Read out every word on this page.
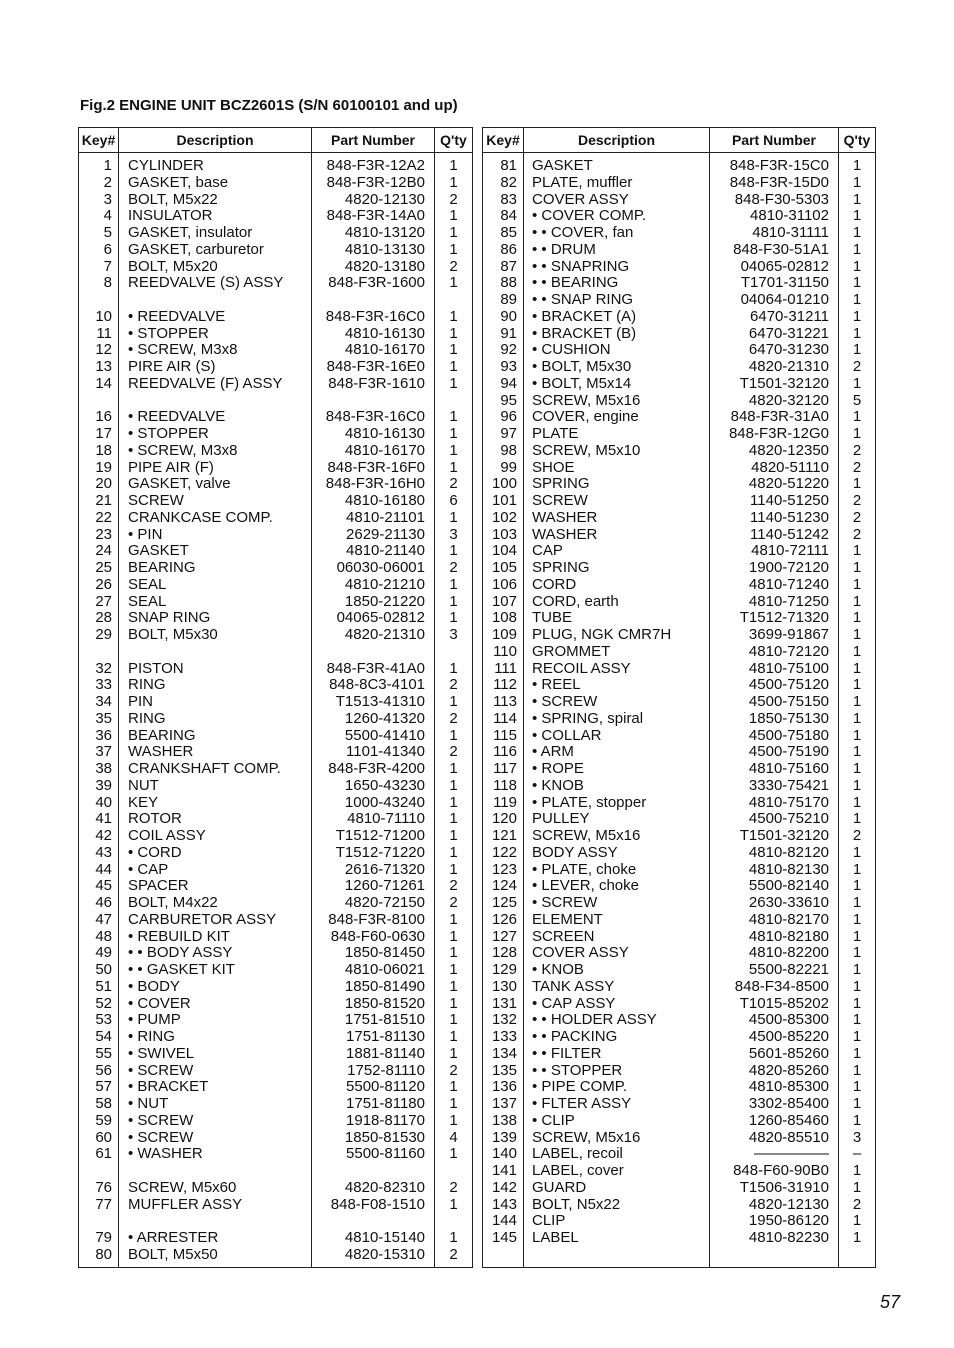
Fig.2 ENGINE UNIT BCZ2601S (S/N 60100101 and up)
Key#	Description	Part Number	Q'ty
1 CYLINDER	848-F3R-12A2	1
2 GASKET, base	848-F3R-12B0	1
3 BOLT, M5x22	4820-12130	2
4 INSULATOR	848-F3R-14A0	1
5 GASKET, insulator	4810-13120	1
6 GASKET, carburetor	4810-13130	1
7 BOLT, M5x20	4820-13180	2
8 REEDVALVE (S) ASSY	848-F3R-1600	1
10 • REEDVALVE	848-F3R-16C0	1
11 • STOPPER	4810-16130	1
12 • SCREW, M3x8	4810-16170	1
13 PIRE AIR (S)	848-F3R-16E0	1
14 REEDVALVE (F) ASSY	848-F3R-1610	1
16 • REEDVALVE	848-F3R-16C0	1
17 • STOPPER	4810-16130	1
18 • SCREW, M3x8	4810-16170	1
19 PIPE AIR (F)	848-F3R-16F0	1
20 GASKET, valve	848-F3R-16H0	2
21 SCREW	4810-16180	6
22 CRANKCASE COMP.	4810-21101	1
23 • PIN	2629-21130	3
24 GASKET	4810-21140	1
25 BEARING	06030-06001	2
26 SEAL	4810-21210	1
27 SEAL	1850-21220	1
28 SNAP RING	04065-02812	1
29 BOLT, M5x30	4820-21310	3
32 PISTON	848-F3R-41A0	1
33 RING	848-8C3-4101	2
34 PIN	T1513-41310	1
35 RING	1260-41320	2
36 BEARING	5500-41410	1
37 WASHER	1101-41340	2
38 CRANKSHAFT COMP.	848-F3R-4200	1
39 NUT	1650-43230	1
40 KEY	1000-43240	1
41 ROTOR	4810-71110	1
42 COIL ASSY	T1512-71200	1
43 • CORD	T1512-71220	1
44 • CAP	2616-71320	1
45 SPACER	1260-71261	2
46 BOLT, M4x22	4820-72150	2
47 CARBURETOR ASSY	848-F3R-8100	1
48 • REBUILD KIT	848-F60-0630	1
49 • • BODY ASSY	1850-81450	1
50 • • GASKET KIT	4810-06021	1
51 • BODY	1850-81490	1
52 • COVER	1850-81520	1
53 • PUMP	1751-81510	1
54 • RING	1751-81130	1
55 • SWIVEL	1881-81140	1
56 • SCREW	1752-81110	2
57 • BRACKET	5500-81120	1
58 • NUT	1751-81180	1
59 • SCREW	1918-81170	1
60 • SCREW	1850-81530	4
61 • WASHER	5500-81160	1
76 SCREW, M5x60	4820-82310	2
77 MUFFLER ASSY	848-F08-1510	1
79 • ARRESTER	4810-15140	1
80 BOLT, M5x50	4820-15310	2
Key#	Description	Part Number	Q'ty
81 GASKET	848-F3R-15C0	1
82 PLATE, muffler	848-F3R-15D0	1
83 COVER ASSY	848-F30-5303	1
84 • COVER COMP.	4810-31102	1
85 • • COVER, fan	4810-31111	1
86 • • DRUM	848-F30-51A1	1
87 • • SNAPRING	04065-02812	1
88 • • BEARING	T1701-31150	1
89 • • SNAP RING	04064-01210	1
90 • BRACKET (A)	6470-31211	1
91 • BRACKET (B)	6470-31221	1
92 • CUSHION	6470-31230	1
93 • BOLT, M5x30	4820-21310	2
94 • BOLT, M5x14	T1501-32120	1
95 SCREW, M5x16	4820-32120	5
96 COVER, engine	848-F3R-31A0	1
97 PLATE	848-F3R-12G0	1
98 SCREW, M5x10	4820-12350	2
99 SHOE	4820-51110	2
100 SPRING	4820-51220	1
101 SCREW	1140-51250	2
102 WASHER	1140-51230	2
103 WASHER	1140-51242	2
104 CAP	4810-72111	1
105 SPRING	1900-72120	1
106 CORD	4810-71240	1
107 CORD, earth	4810-71250	1
108 TUBE	T1512-71320	1
109 PLUG, NGK CMR7H	3699-91867	1
110 GROMMET	4810-72120	1
111 RECOIL ASSY	4810-75100	1
112 • REEL	4500-75120	1
113 • SCREW	4500-75150	1
114 • SPRING, spiral	1850-75130	1
115 • COLLAR	4500-75180	1
116 • ARM	4500-75190	1
117 • ROPE	4810-75160	1
118 • KNOB	3330-75421	1
119 • PLATE, stopper	4810-75170	1
120 PULLEY	4500-75210	1
121 SCREW, M5x16	T1501-32120	2
122 BODY ASSY	4810-82120	1
123 • PLATE, choke	4810-82130	1
124 • LEVER, choke	5500-82140	1
125 • SCREW	2630-33610	1
126 ELEMENT	4810-82170	1
127 SCREEN	4810-82180	1
128 COVER ASSY	4810-82200	1
129 • KNOB	5500-82221	1
130 TANK ASSY	848-F34-8500	1
131 • CAP ASSY	T1015-85202	1
132 • • HOLDER ASSY	4500-85300	1
133 • • PACKING	4500-85220	1
134 • • FILTER	5601-85260	1
135 • • STOPPER	4820-85260	1
136 • PIPE COMP.	4810-85300	1
137 • FLTER ASSY	3302-85400	1
138 • CLIP	1260-85460	1
139 SCREW, M5x16	4820-85510	3
140 LABEL, recoil	—————	–
141 LABEL, cover	848-F60-90B0	1
142 GUARD	T1506-31910	1
143 BOLT, N5x22	4820-12130	2
144 CLIP	1950-86120	1
145 LABEL	4810-82230	1
57
